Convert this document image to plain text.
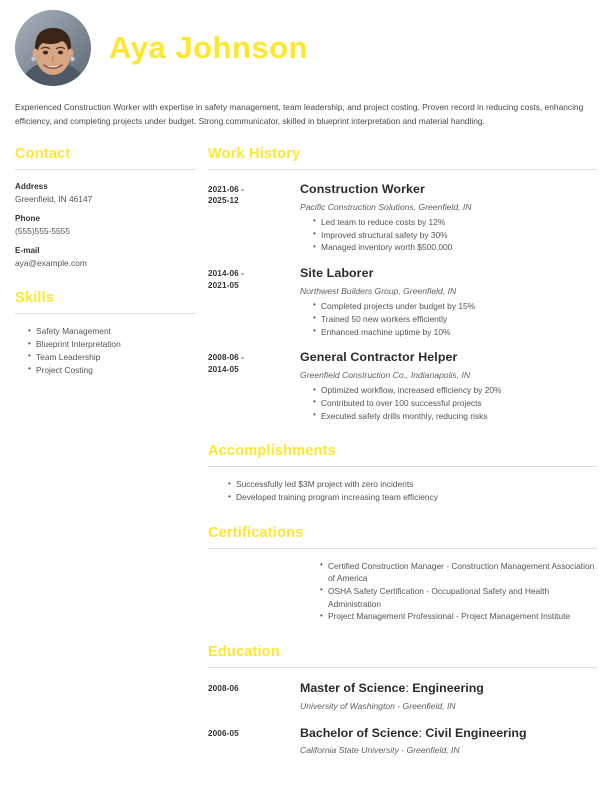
Aya Johnson
Experienced Construction Worker with expertise in safety management, team leadership, and project costing. Proven record in reducing costs, enhancing efficiency, and completing projects under budget. Strong communicator, skilled in blueprint interpretation and material handling.
Contact
Address
Greenfield, IN 46147
Phone
(555)555-5555
E-mail
aya@example.com
Skills
• Safety Management
• Blueprint Interpretation
• Team Leadership
• Project Costing
Work History
2021-06 -
2025-12
Construction Worker
Pacific Construction Solutions, Greenfield, IN
• Led team to reduce costs by 12%
• Improved structural safety by 30%
• Managed inventory worth $500,000
2014-06 -
2021-05
Site Laborer
Northwest Builders Group, Greenfield, IN
• Completed projects under budget by 15%
• Trained 50 new workers efficiently
• Enhanced machine uptime by 10%
2008-06 -
2014-05
General Contractor Helper
Greenfield Construction Co., Indianapolis, IN
• Optimized workflow, increased efficiency by 20%
• Contributed to over 100 successful projects
• Executed safety drills monthly, reducing risks
Accomplishments
• Successfully led $3M project with zero incidents
• Developed training program increasing team efficiency
Certifications
• Certified Construction Manager - Construction Management Association of America
• OSHA Safety Certification - Occupational Safety and Health Administration
• Project Management Professional - Project Management Institute
Education
2008-06	Master of Science: Engineering
University of Washington - Greenfield, IN
2006-05	Bachelor of Science: Civil Engineering
California State University - Greenfield, IN
